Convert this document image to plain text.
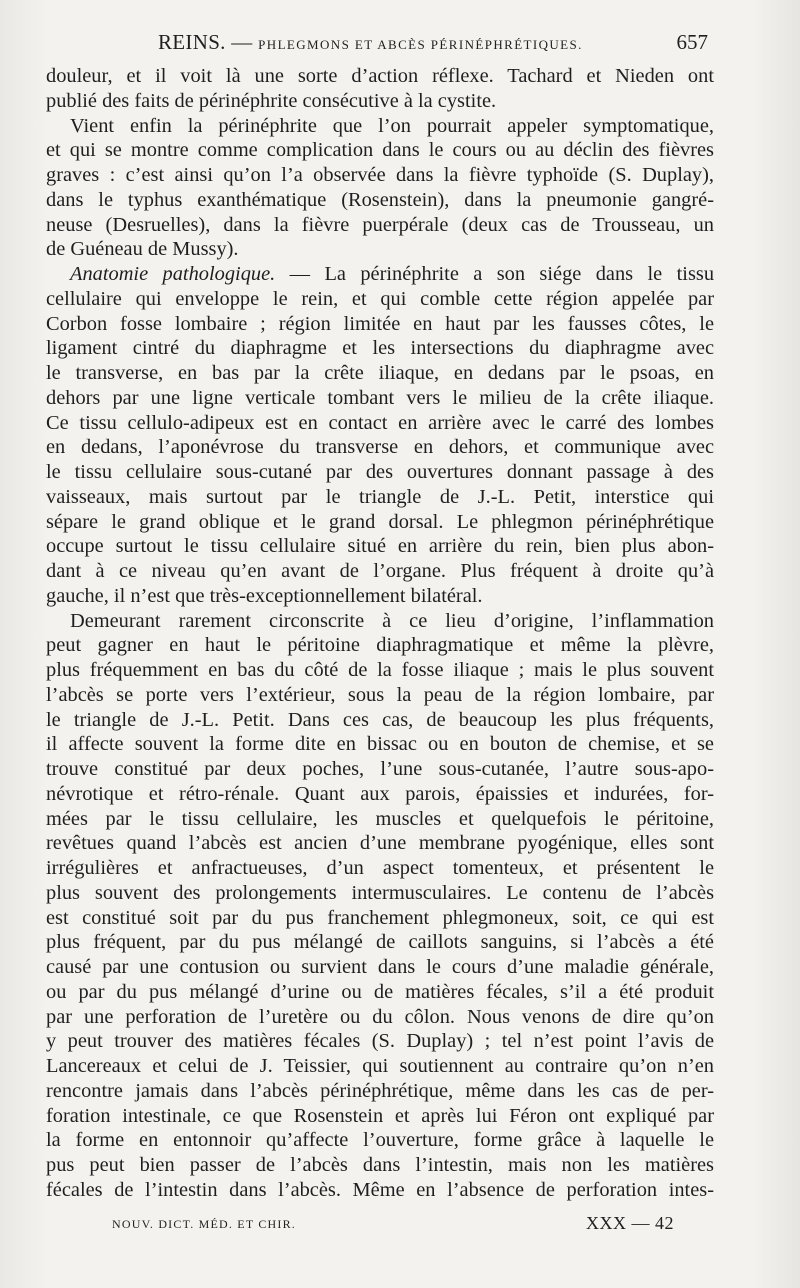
REINS. — PHLEGMONS ET ABCÈS PÉRINÉPHRÉTIQUES.	657
douleur, et il voit là une sorte d’action réflexe. Tachard et Nieden ont
publié des faits de périnéphrite consécutive à la cystite.
Vient enfin la périnéphrite que l’on pourrait appeler symptomatique,
et qui se montre comme complication dans le cours ou au déclin des fièvres
graves : c’est ainsi qu’on l’a observée dans la fièvre typhoïde (S. Duplay),
dans le typhus exanthématique (Rosenstein), dans la pneumonie gangré-
neuse (Desruelles), dans la fièvre puerpérale (deux cas de Trousseau, un
de Guéneau de Mussy).
Anatomie pathologique. — La périnéphrite a son siége dans le tissu
cellulaire qui enveloppe le rein, et qui comble cette région appelée par
Corbon fosse lombaire ; région limitée en haut par les fausses côtes, le
ligament cintré du diaphragme et les intersections du diaphragme avec
le transverse, en bas par la crête iliaque, en dedans par le psoas, en
dehors par une ligne verticale tombant vers le milieu de la crête iliaque.
Ce tissu cellulo-adipeux est en contact en arrière avec le carré des lombes
en dedans, l’aponévrose du transverse en dehors, et communique avec
le tissu cellulaire sous-cutané par des ouvertures donnant passage à des
vaisseaux, mais surtout par le triangle de J.-L. Petit, interstice qui
sépare le grand oblique et le grand dorsal. Le phlegmon périnéphrétique
occupe surtout le tissu cellulaire situé en arrière du rein, bien plus abon-
dant à ce niveau qu’en avant de l’organe. Plus fréquent à droite qu’à
gauche, il n’est que très-exceptionnellement bilatéral.
Demeurant rarement circonscrite à ce lieu d’origine, l’inflammation
peut gagner en haut le péritoine diaphragmatique et même la plèvre,
plus fréquemment en bas du côté de la fosse iliaque ; mais le plus souvent
l’abcès se porte vers l’extérieur, sous la peau de la région lombaire, par
le triangle de J.-L. Petit. Dans ces cas, de beaucoup les plus fréquents,
il affecte souvent la forme dite en bissac ou en bouton de chemise, et se
trouve constitué par deux poches, l’une sous-cutanée, l’autre sous-apo-
névrotique et rétro-rénale. Quant aux parois, épaissies et indurées, for-
mées par le tissu cellulaire, les muscles et quelquefois le péritoine,
revêtues quand l’abcès est ancien d’une membrane pyogénique, elles sont
irrégulières et anfractueuses, d’un aspect tomenteux, et présentent le
plus souvent des prolongements intermusculaires. Le contenu de l’abcès
est constitué soit par du pus franchement phlegmoneux, soit, ce qui est
plus fréquent, par du pus mélangé de caillots sanguins, si l’abcès a été
causé par une contusion ou survient dans le cours d’une maladie générale,
ou par du pus mélangé d’urine ou de matières fécales, s’il a été produit
par une perforation de l’uretère ou du côlon. Nous venons de dire qu’on
y peut trouver des matières fécales (S. Duplay) ; tel n’est point l’avis de
Lancereaux et celui de J. Teissier, qui soutiennent au contraire qu’on n’en
rencontre jamais dans l’abcès périnéphrétique, même dans les cas de per-
foration intestinale, ce que Rosenstein et après lui Féron ont expliqué par
la forme en entonnoir qu’affecte l’ouverture, forme grâce à laquelle le
pus peut bien passer de l’abcès dans l’intestin, mais non les matières
fécales de l’intestin dans l’abcès. Même en l’absence de perforation intes-
NOUV. DICT. MÉD. ET CHIR.	XXX — 42
